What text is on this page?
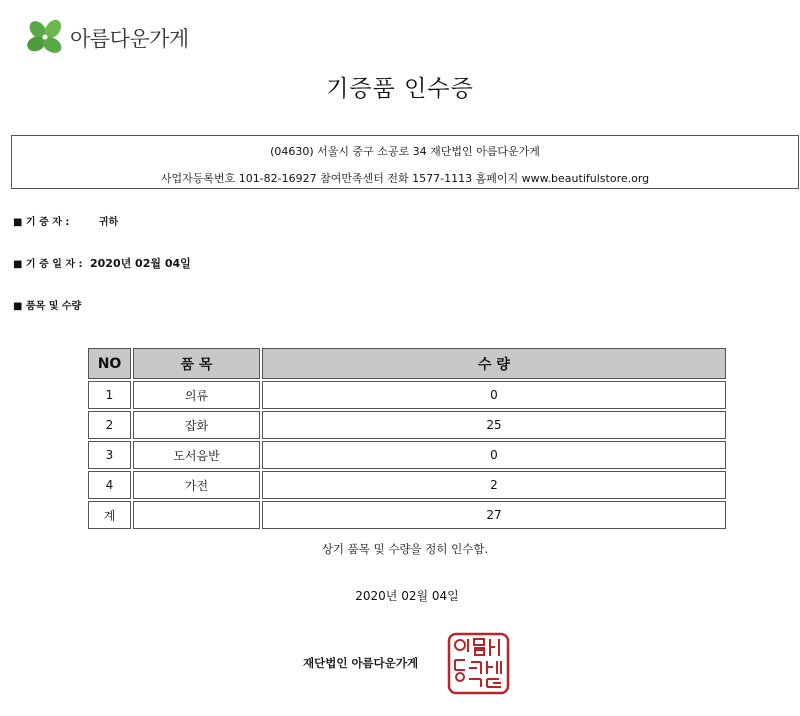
아름다운가게
기증품 인수증
(04630) 서울시 중구 소공로 34 재단법인 아름다운가게
사업자등록번호 101-82-16927 참여만족센터 전화 1577-1113 홈페이지 www.beautifulstore.org
■ 기 증 자 :	귀하
■ 기 증 일 자 : 2020년 02월 04일
■ 품목 및 수량
NO	품 목	수 량
1	의류	0
2	잡화	25
3	도서음반	0
4	가전	2
계		27
상기 품목 및 수량을 정히 인수함.
2020년 02월 04일
재단법인 아름다운가게
